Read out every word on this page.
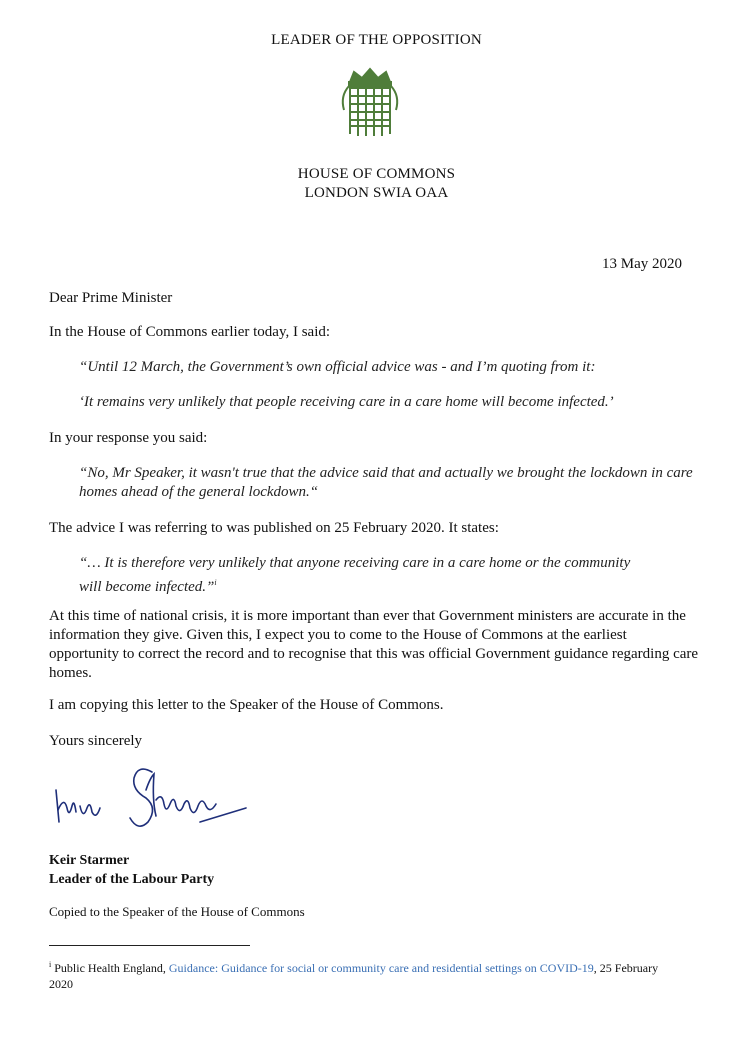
LEADER OF THE OPPOSITION
HOUSE OF COMMONS
LONDON SWIA OAA
13 May 2020
Dear Prime Minister
In the House of Commons earlier today, I said:
“Until 12 March, the Government’s own official advice was - and I’m quoting from it:
‘It remains very unlikely that people receiving care in a care home will become infected.’
In your response you said:
“No, Mr Speaker, it wasn't true that the advice said that and actually we brought the lockdown in care homes ahead of the general lockdown.“
The advice I was referring to was published on 25 February 2020. It states:
“… It is therefore very unlikely that anyone receiving care in a care home or the community will become infected.”$^i$
At this time of national crisis, it is more important than ever that Government ministers are accurate in the information they give. Given this, I expect you to come to the House of Commons at the earliest opportunity to correct the record and to recognise that this was official Government guidance regarding care homes.
I am copying this letter to the Speaker of the House of Commons.
Yours sincerely
Keir Starmer
Leader of the Labour Party
Copied to the Speaker of the House of Commons
$^i$ Public Health England, Guidance: Guidance for social or community care and residential settings on COVID-19, 25 February 2020
